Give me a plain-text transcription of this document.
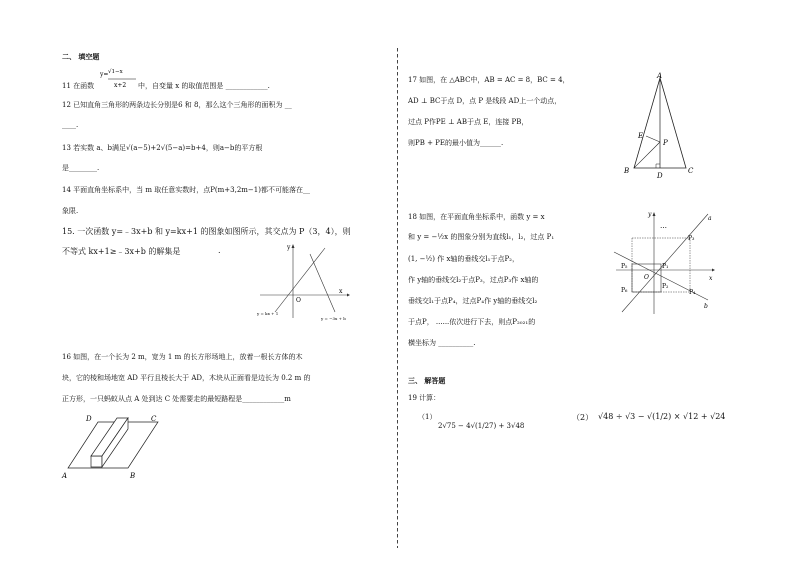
二、 填空题
11 在函数
y= √1−x
x+2 中，自变量 x 的取值范围是 ____________.
12 已知直角三角形的两条边长分别是6 和 8，那么这个三角形的面积为 __
____.
13 若实数 a、b满足√(a−5)+2√(5−a)=b+4，则a−b的平方根
是________.
14 平面直角坐标系中，当 m 取任意实数时，点P(m+3,2m−1)都不可能落在__
象限.
15. 一次函数 y=﹣3x+b 和 y=kx+1 的图象如图所示，其交点为 P（3，4），则
不等式 kx+1≥﹣3x+b 的解集是	.	y
x
O
y = kx + 1
y = −3x + b
16 如图，在一个长为 2 m，宽为 1 m 的长方形场地上，放着一根长方体的木
块，它的棱和场地宽 AD 平行且棱长大于 AD，木块从正面看是边长为 0.2 m 的
正方形，一只蚂蚁从点 A 处到达 C 处需要走的最短路程是____________m
A	B
C
D
17 如图，在 △ABC中，AB = AC = 8，BC = 4，
AD ⊥ BC于点 D，点 P 是线段 AD上一个动点，
过点 P作PE ⊥ AB于点 E，连接 PB，
则PB + PE的最小值为______.
A
B	C
D
E
P
18 如图，在平面直角坐标系中，函数 y = x
和 y = −½x 的图象分别为直线l₁，l₂，过点 P₁
(1, −½) 作 x轴的垂线交l₁于点P₂，
作 y轴的垂线交l₂于点P₃，过点P₃作 x轴的
垂线交l₁于点P₄，过点P₄作 y轴的垂线交l₂
于点P， ......依次进行下去，则点P₂₀₂₁的
横坐标为 __________.
y
x
O
a
b
P₁
P₂
P₃
P₄
P₅
P₆
⋯
三、 解答题
19 计算：
（1）
2√75 − 4√(1/27) + 3√48
（2） √48 ÷ √3 − √(1/2) × √12 + √24
